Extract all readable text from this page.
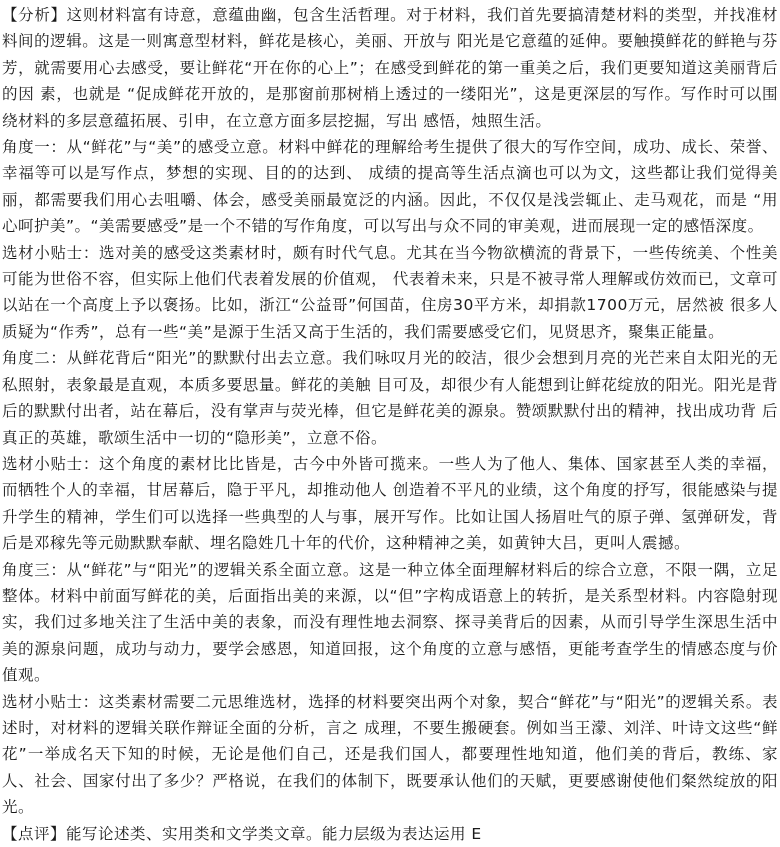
【分析】这则材料富有诗意，意蕴曲幽，包含生活哲理。对于材料，我们首先要搞清楚材料的类型，并找准材料间的逻辑。这是一则寓意型材料，鲜花是核心，美丽、开放与 阳光是它意蕴的延伸。要触摸鲜花的鲜艳与芬芳，就需要用心去感受，要让鲜花“开在你的心上”；在感受到鲜花的第一重美之后，我们更要知道这美丽背后的因 素，也就是 “促成鲜花开放的，是那窗前那树梢上透过的一缕阳光”，这是更深层的写作。写作时可以围绕材料的多层意蕴拓展、引申，在立意方面多层挖掘，写出 感悟，烛照生活。

角度一：从“鲜花”与“美”的感受立意。材料中鲜花的理解给考生提供了很大的写作空间，成功、成长、荣誉、幸福等可以是写作点，梦想的实现、目的的达到、 成绩的提高等生活点滴也可以为文，这些都让我们觉得美丽，都需要我们用心去咀嚼、体会，感受美丽最宽泛的内涵。因此，不仅仅是浅尝辄止、走马观花，而是 “用心呵护美”。“美需要感受”是一个不错的写作角度，可以写出与众不同的审美观，进而展现一定的感悟深度。

选材小贴士：选对美的感受这类素材时，颇有时代气息。尤其在当今物欲横流的背景下，一些传统美、个性美可能为世俗不容，但实际上他们代表着发展的价值观， 代表着未来，只是不被寻常人理解或仿效而已，文章可以站在一个高度上予以褒扬。比如，浙江“公益哥”何国苗，住房30平方米，却捐款1700万元，居然被 很多人质疑为“作秀”，总有一些“美”是源于生活又高于生活的，我们需要感受它们，见贤思齐，聚集正能量。

角度二：从鲜花背后“阳光”的默默付出去立意。我们咏叹月光的皎洁，很少会想到月亮的光芒来自太阳光的无私照射，表象最是直观，本质多要思量。鲜花的美触 目可及，却很少有人能想到让鲜花绽放的阳光。阳光是背后的默默付出者，站在幕后，没有掌声与荧光棒，但它是鲜花美的源泉。赞颂默默付出的精神，找出成功背 后真正的英雄，歌颂生活中一切的“隐形美”，立意不俗。

选材小贴士：这个角度的素材比比皆是，古今中外皆可揽来。一些人为了他人、集体、国家甚至人类的幸福，而牺牲个人的幸福，甘居幕后，隐于平凡，却推动他人 创造着不平凡的业绩，这个角度的抒写，很能感染与提升学生的精神，学生们可以选择一些典型的人与事，展开写作。比如让国人扬眉吐气的原子弹、氢弹研发，背 后是邓稼先等元勋默默奉献、埋名隐姓几十年的代价，这种精神之美，如黄钟大吕，更叫人震撼。

角度三：从“鲜花”与“阳光”的逻辑关系全面立意。这是一种立体全面理解材料后的综合立意，不限一隅，立足整体。材料中前面写鲜花的美，后面指出美的来源，以“但”字构成语意上的转折，是关系型材料。内容隐射现实，我们过多地关注了生活中美的表象，而没有理性地去洞察、探寻美背后的因素，从而引导学生深思生活中美的源泉问题，成功与动力，要学会感恩，知道回报，这个角度的立意与感悟，更能考查学生的情感态度与价值观。

选材小贴士：这类素材需要二元思维选材，选择的材料要突出两个对象，契合“鲜花”与“阳光”的逻辑关系。表述时，对材料的逻辑关联作辩证全面的分析，言之 成理，不要生搬硬套。例如当王濛、刘洋、叶诗文这些“鲜花”一举成名天下知的时候，无论是他们自己，还是我们国人，都要理性地知道，他们美的背后，教练、家人、社会、国家付出了多少？严格说，在我们的体制下，既要承认他们的天赋，更要感谢使他们粲然绽放的阳光。

【点评】能写论述类、实用类和文学类文章。能力层级为表达运用 E
